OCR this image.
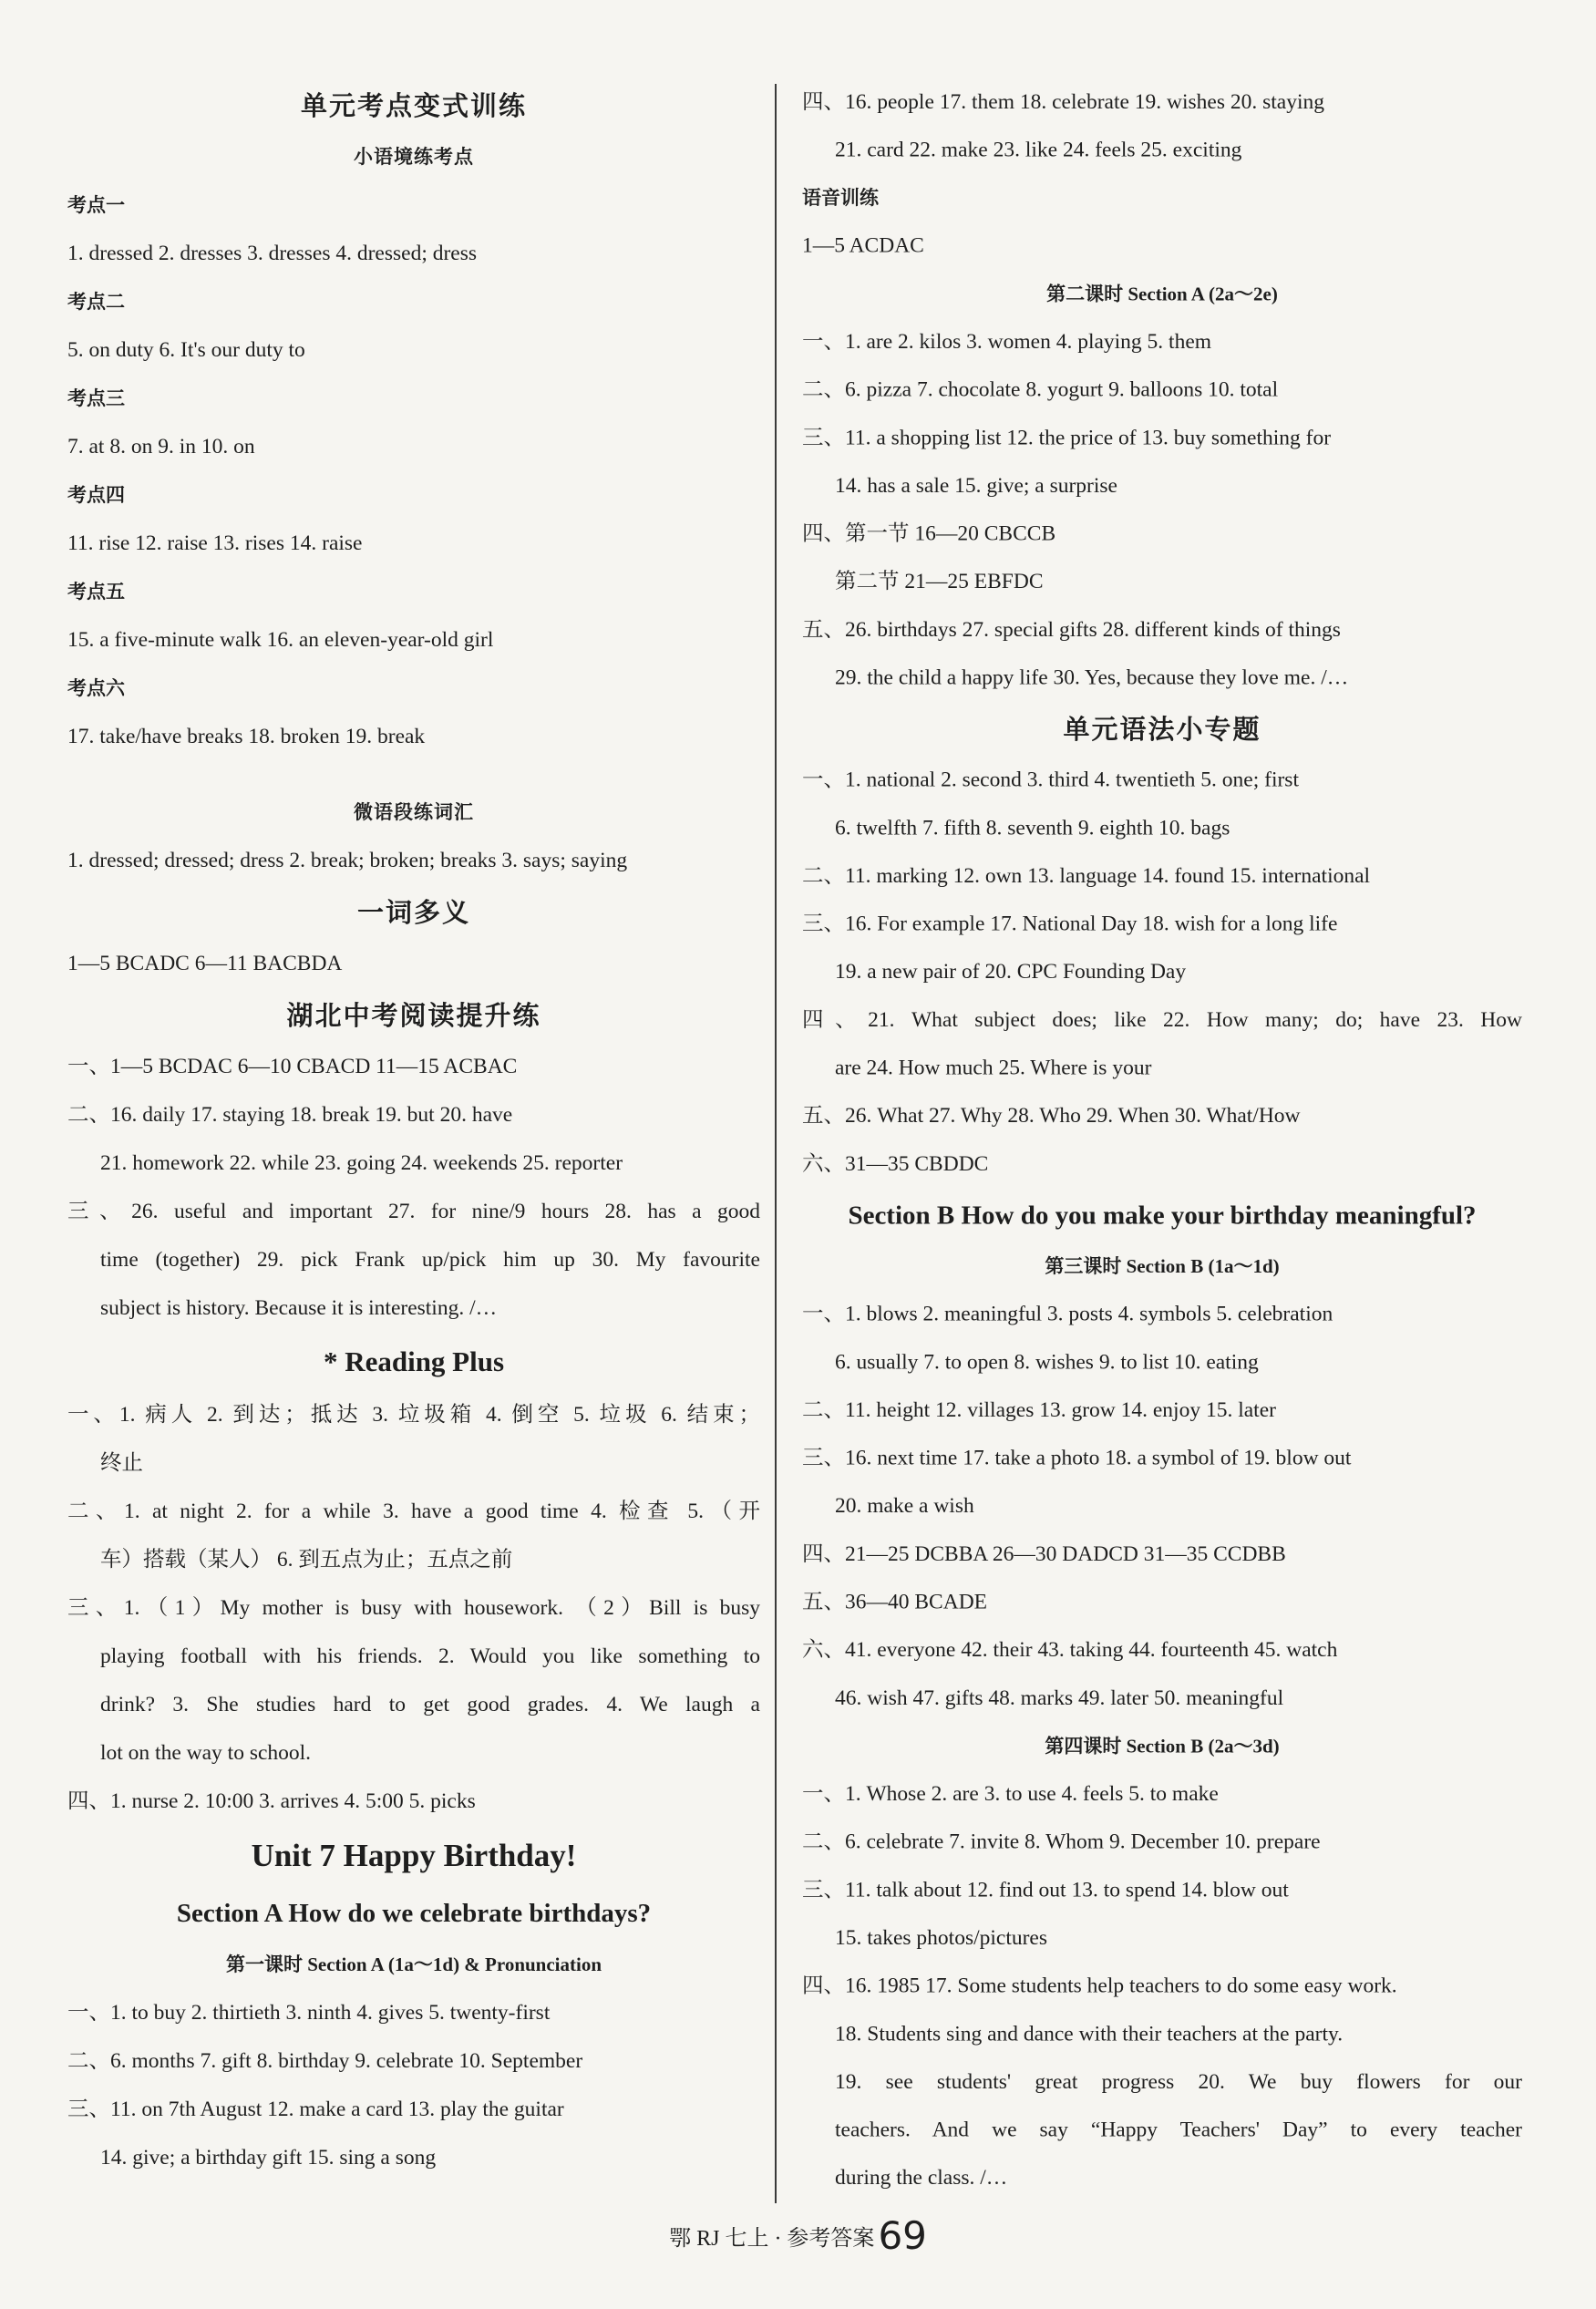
单元考点变式训练
小语境练考点
考点一
1. dressed 2. dresses 3. dresses 4. dressed; dress
考点二
5. on duty 6. It's our duty to
考点三
7. at 8. on 9. in 10. on
考点四
11. rise 12. raise 13. rises 14. raise
考点五
15. a five-minute walk 16. an eleven-year-old girl
考点六
17. take/have breaks 18. broken 19. break
微语段练词汇
1. dressed; dressed; dress 2. break; broken; breaks 3. says; saying
一词多义
1—5 BCADC 6—11 BACBDA
湖北中考阅读提升练
一、1—5 BCDAC 6—10 CBACD 11—15 ACBAC
二、16. daily 17. staying 18. break 19. but 20. have
21. homework 22. while 23. going 24. weekends 25. reporter
三、26. useful and important 27. for nine/9 hours 28. has a good
time (together) 29. pick Frank up/pick him up 30. My favourite
subject is history. Because it is interesting. /…
* Reading Plus
一、1. 病人 2. 到达；抵达 3. 垃圾箱 4. 倒空 5. 垃圾 6. 结束；
终止
二、1. at night 2. for a while 3. have a good time 4. 检查 5.（开
车）搭载（某人） 6. 到五点为止；五点之前
三、1.（1）My mother is busy with housework. （2）Bill is busy
playing football with his friends. 2. Would you like something to
drink? 3. She studies hard to get good grades. 4. We laugh a
lot on the way to school.
四、1. nurse 2. 10:00 3. arrives 4. 5:00 5. picks
Unit 7 Happy Birthday!
Section A How do we celebrate birthdays?
第一课时 Section A (1a～1d) & Pronunciation
一、1. to buy 2. thirtieth 3. ninth 4. gives 5. twenty-first
二、6. months 7. gift 8. birthday 9. celebrate 10. September
三、11. on 7th August 12. make a card 13. play the guitar
14. give; a birthday gift 15. sing a song
四、16. people 17. them 18. celebrate 19. wishes 20. staying
21. card 22. make 23. like 24. feels 25. exciting
语音训练
1—5 ACDAC
第二课时 Section A (2a～2e)
一、1. are 2. kilos 3. women 4. playing 5. them
二、6. pizza 7. chocolate 8. yogurt 9. balloons 10. total
三、11. a shopping list 12. the price of 13. buy something for
14. has a sale 15. give; a surprise
四、第一节 16—20 CBCCB
第二节 21—25 EBFDC
五、26. birthdays 27. special gifts 28. different kinds of things
29. the child a happy life 30. Yes, because they love me. /…
单元语法小专题
一、1. national 2. second 3. third 4. twentieth 5. one; first
6. twelfth 7. fifth 8. seventh 9. eighth 10. bags
二、11. marking 12. own 13. language 14. found 15. international
三、16. For example 17. National Day 18. wish for a long life
19. a new pair of 20. CPC Founding Day
四、21. What subject does; like 22. How many; do; have 23. How
are 24. How much 25. Where is your
五、26. What 27. Why 28. Who 29. When 30. What/How
六、31—35 CBDDC
Section B How do you make your birthday meaningful?
第三课时 Section B (1a～1d)
一、1. blows 2. meaningful 3. posts 4. symbols 5. celebration
6. usually 7. to open 8. wishes 9. to list 10. eating
二、11. height 12. villages 13. grow 14. enjoy 15. later
三、16. next time 17. take a photo 18. a symbol of 19. blow out
20. make a wish
四、21—25 DCBBA 26—30 DADCD 31—35 CCDBB
五、36—40 BCADE
六、41. everyone 42. their 43. taking 44. fourteenth 45. watch
46. wish 47. gifts 48. marks 49. later 50. meaningful
第四课时 Section B (2a～3d)
一、1. Whose 2. are 3. to use 4. feels 5. to make
二、6. celebrate 7. invite 8. Whom 9. December 10. prepare
三、11. talk about 12. find out 13. to spend 14. blow out
15. takes photos/pictures
四、16. 1985 17. Some students help teachers to do some easy work.
18. Students sing and dance with their teachers at the party.
19. see students' great progress 20. We buy flowers for our
teachers. And we say “Happy Teachers' Day” to every teacher
during the class. /…
鄂 RJ 七上 · 参考答案69
